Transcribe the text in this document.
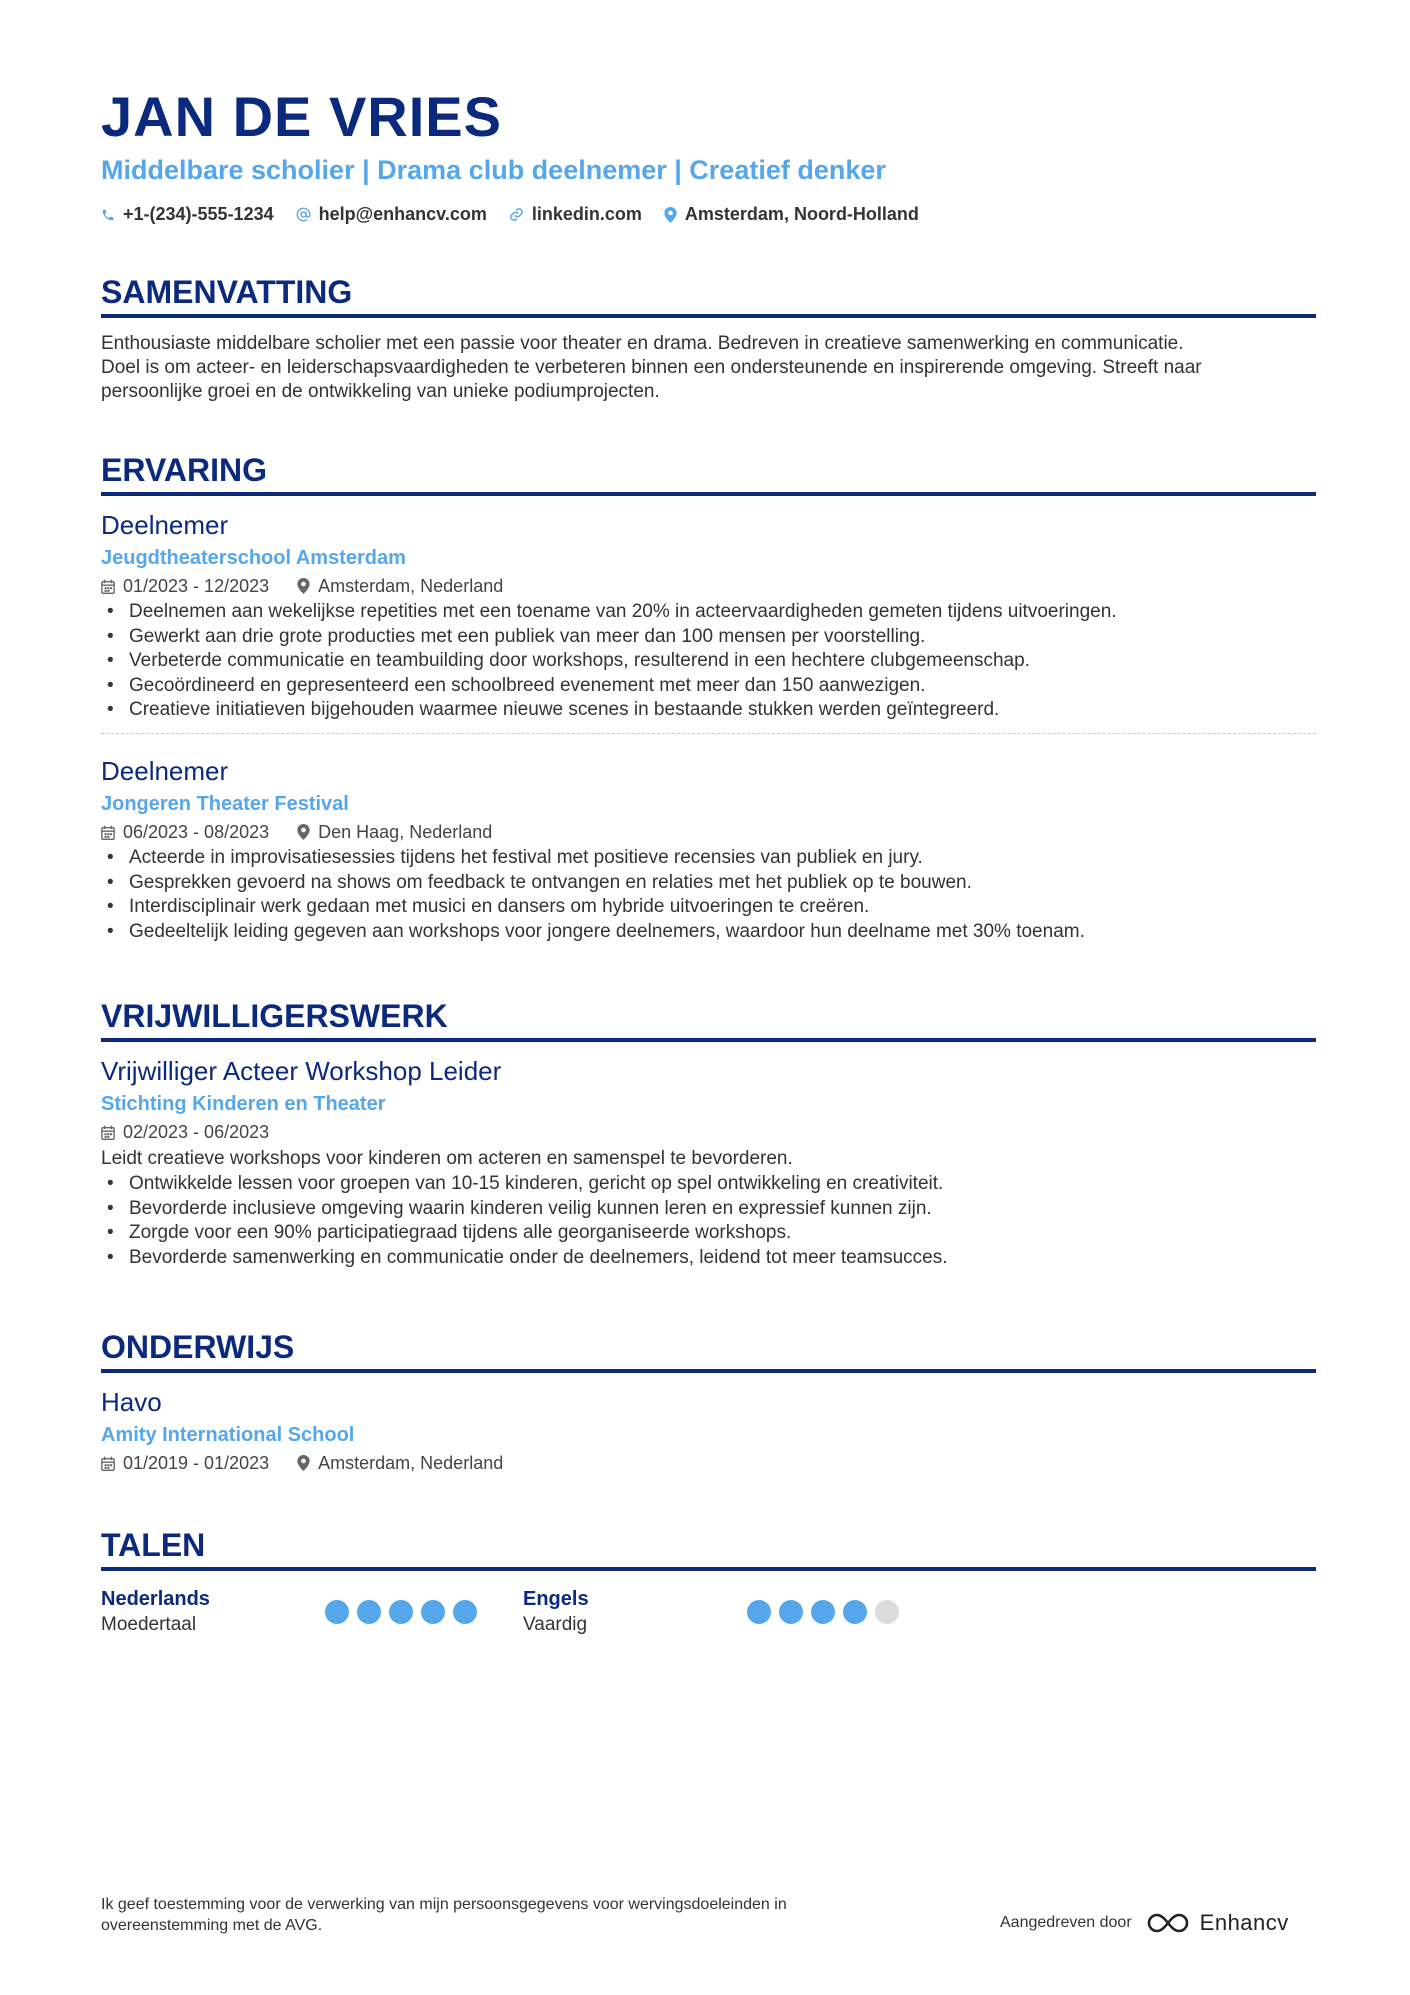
JAN DE VRIES
Middelbare scholier | Drama club deelnemer | Creatief denker
+1-(234)-555-1234	help@enhancv.com	linkedin.com Amsterdam, Noord-Holland
SAMENVATTING
Enthousiaste middelbare scholier met een passie voor theater en drama. Bedreven in creatieve samenwerking en communicatie.
Doel is om acteer- en leiderschapsvaardigheden te verbeteren binnen een ondersteunende en inspirerende omgeving. Streeft naar
persoonlijke groei en de ontwikkeling van unieke podiumprojecten.
ERVARING
Deelnemer
Jeugdtheaterschool Amsterdam
01/2023 - 12/2023	Amsterdam, Nederland
• Deelnemen aan wekelijkse repetities met een toename van 20% in acteervaardigheden gemeten tijdens uitvoeringen.
• Gewerkt aan drie grote producties met een publiek van meer dan 100 mensen per voorstelling.
• Verbeterde communicatie en teambuilding door workshops, resulterend in een hechtere clubgemeenschap.
• Gecoördineerd en gepresenteerd een schoolbreed evenement met meer dan 150 aanwezigen.
• Creatieve initiatieven bijgehouden waarmee nieuwe scenes in bestaande stukken werden geïntegreerd.
Deelnemer
Jongeren Theater Festival
06/2023 - 08/2023	Den Haag, Nederland
• Acteerde in improvisatiesessies tijdens het festival met positieve recensies van publiek en jury.
• Gesprekken gevoerd na shows om feedback te ontvangen en relaties met het publiek op te bouwen.
• Interdisciplinair werk gedaan met musici en dansers om hybride uitvoeringen te creëren.
• Gedeeltelijk leiding gegeven aan workshops voor jongere deelnemers, waardoor hun deelname met 30% toenam.
VRIJWILLIGERSWERK
Vrijwilliger Acteer Workshop Leider
Stichting Kinderen en Theater
02/2023 - 06/2023
Leidt creatieve workshops voor kinderen om acteren en samenspel te bevorderen.
• Ontwikkelde lessen voor groepen van 10-15 kinderen, gericht op spel ontwikkeling en creativiteit.
• Bevorderde inclusieve omgeving waarin kinderen veilig kunnen leren en expressief kunnen zijn.
• Zorgde voor een 90% participatiegraad tijdens alle georganiseerde workshops.
• Bevorderde samenwerking en communicatie onder de deelnemers, leidend tot meer teamsucces.
ONDERWIJS
Havo
Amity International School
01/2019 - 01/2023	Amsterdam, Nederland
TALEN
Nederlands
Moedertaal
Engels
Vaardig
Ik geef toestemming voor de verwerking van mijn persoonsgegevens voor wervingsdoeleinden in
overeenstemming met de AVG.	Aangedreven door	Enhancv
